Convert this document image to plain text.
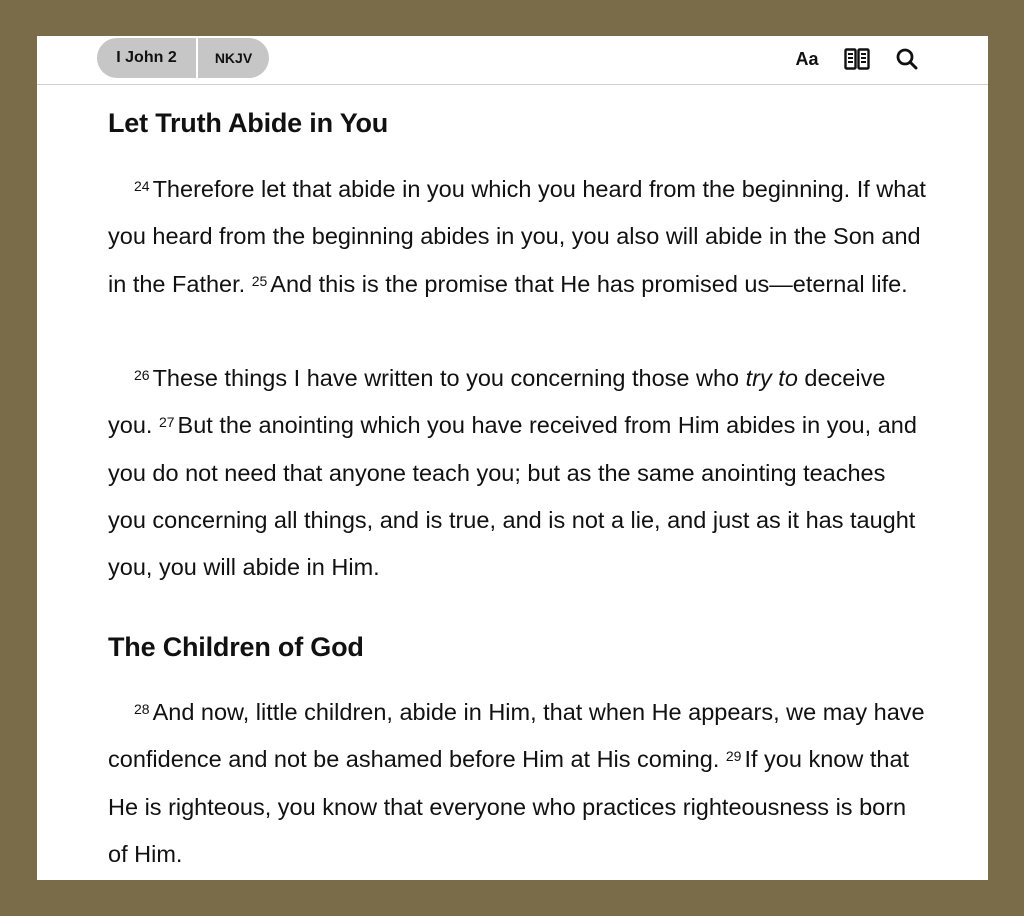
I John 2	NKJV	Aa
Let Truth Abide in You

$^{24}$ Therefore let that abide in you which you heard from the beginning. If what you heard from the beginning abides in you, you also will abide in the Son and in the Father. $^{25}$ And this is the promise that He has promised us—eternal life.

$^{26}$ These things I have written to you concerning those who try to deceive you. $^{27}$ But the anointing which you have received from Him abides in you, and you do not need that anyone teach you; but as the same anointing teaches you concerning all things, and is true, and is not a lie, and just as it has taught you, you will abide in Him.

The Children of God

$^{28}$ And now, little children, abide in Him, that when He appears, we may have confidence and not be ashamed before Him at His coming. $^{29}$ If you know that He is righteous, you know that everyone who practices righteousness is born of Him.
